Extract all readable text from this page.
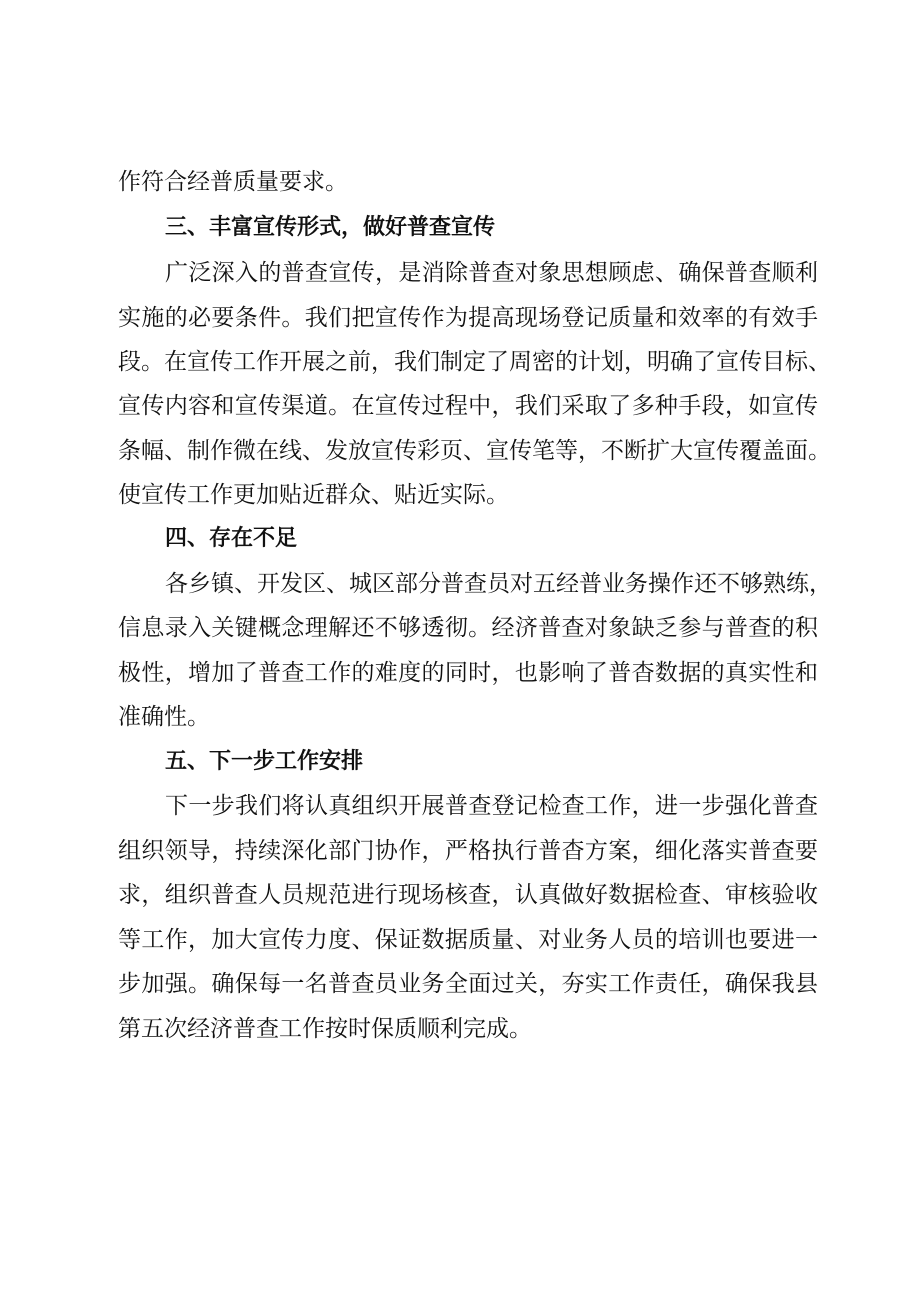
作符合经普质量要求。
三、丰富宣传形式，做好普查宣传
广泛深入的普查宣传，是消除普查对象思想顾虑、确保普查顺利
实施的必要条件。我们把宣传作为提高现场登记质量和效率的有效手
段。在宣传工作开展之前，我们制定了周密的计划，明确了宣传目标、
宣传内容和宣传渠道。在宣传过程中，我们采取了多种手段，如宣传
条幅、制作微在线、发放宣传彩页、宣传笔等，不断扩大宣传覆盖面。
使宣传工作更加贴近群众、贴近实际。
四、存在不足
各乡镇、开发区、城区部分普查员对五经普业务操作还不够熟练，
信息录入关键概念理解还不够透彻。经济普查对象缺乏参与普查的积
极性，增加了普查工作的难度的同时，也影响了普杳数据的真实性和
准确性。
五、下一步工作安排
下一步我们将认真组织开展普查登记检查工作，进一步强化普查
组织领导，持续深化部门协作，严格执行普杳方案，细化落实普查要
求，组织普查人员规范进行现场核查，认真做好数据检查、审核验收
等工作，加大宣传力度、保证数据质量、对业务人员的培训也要进一
步加强。确保每一名普查员业务全面过关，夯实工作责任，确保我县
第五次经济普查工作按时保质顺利完成。
